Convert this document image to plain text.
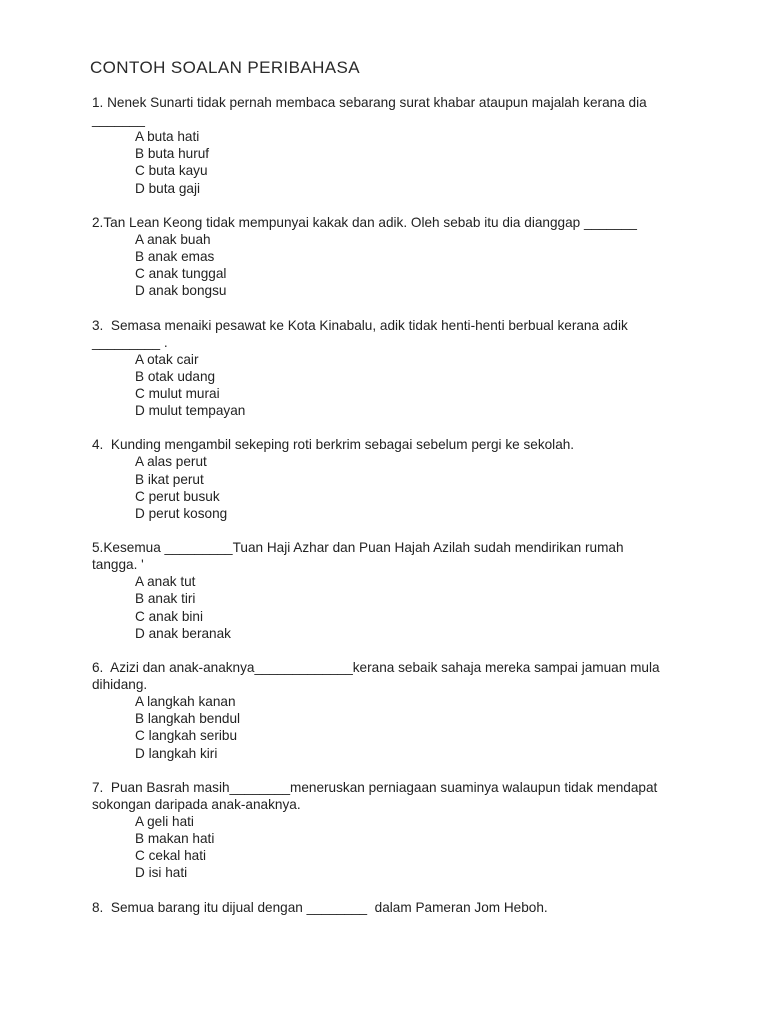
CONTOH SOALAN PERIBAHASA

1. Nenek Sunarti tidak pernah membaca sebarang surat khabar ataupun majalah kerana dia _______

A buta hati
B buta huruf
C buta kayu
D buta gaji

2.Tan Lean Keong tidak mempunyai kakak dan adik. Oleh sebab itu dia dianggap _______

A anak buah
B anak emas
C anak tunggal
D anak bongsu

3.  Semasa menaiki pesawat ke Kota Kinabalu, adik tidak henti-henti berbual kerana adik _________ .

A otak cair
B otak udang
C mulut murai
D mulut tempayan

4.  Kunding mengambil sekeping roti berkrim sebagai sebelum pergi ke sekolah.

A alas perut
B ikat perut
C perut busuk
D perut kosong

5.Kesemua _________Tuan Haji Azhar dan Puan Hajah Azilah sudah mendirikan rumah tangga. '

A anak tut
B anak tiri
C anak bini
D anak beranak

6.  Azizi dan anak-anaknya_____________kerana sebaik sahaja mereka sampai jamuan mula dihidang.

A langkah kanan
B langkah bendul
C langkah seribu
D langkah kiri

7.  Puan Basrah masih________meneruskan perniagaan suaminya walaupun tidak mendapat sokongan daripada anak-anaknya.

A geli hati
B makan hati
C cekal hati
D isi hati

8.  Semua barang itu dijual dengan ________  dalam Pameran Jom Heboh.
